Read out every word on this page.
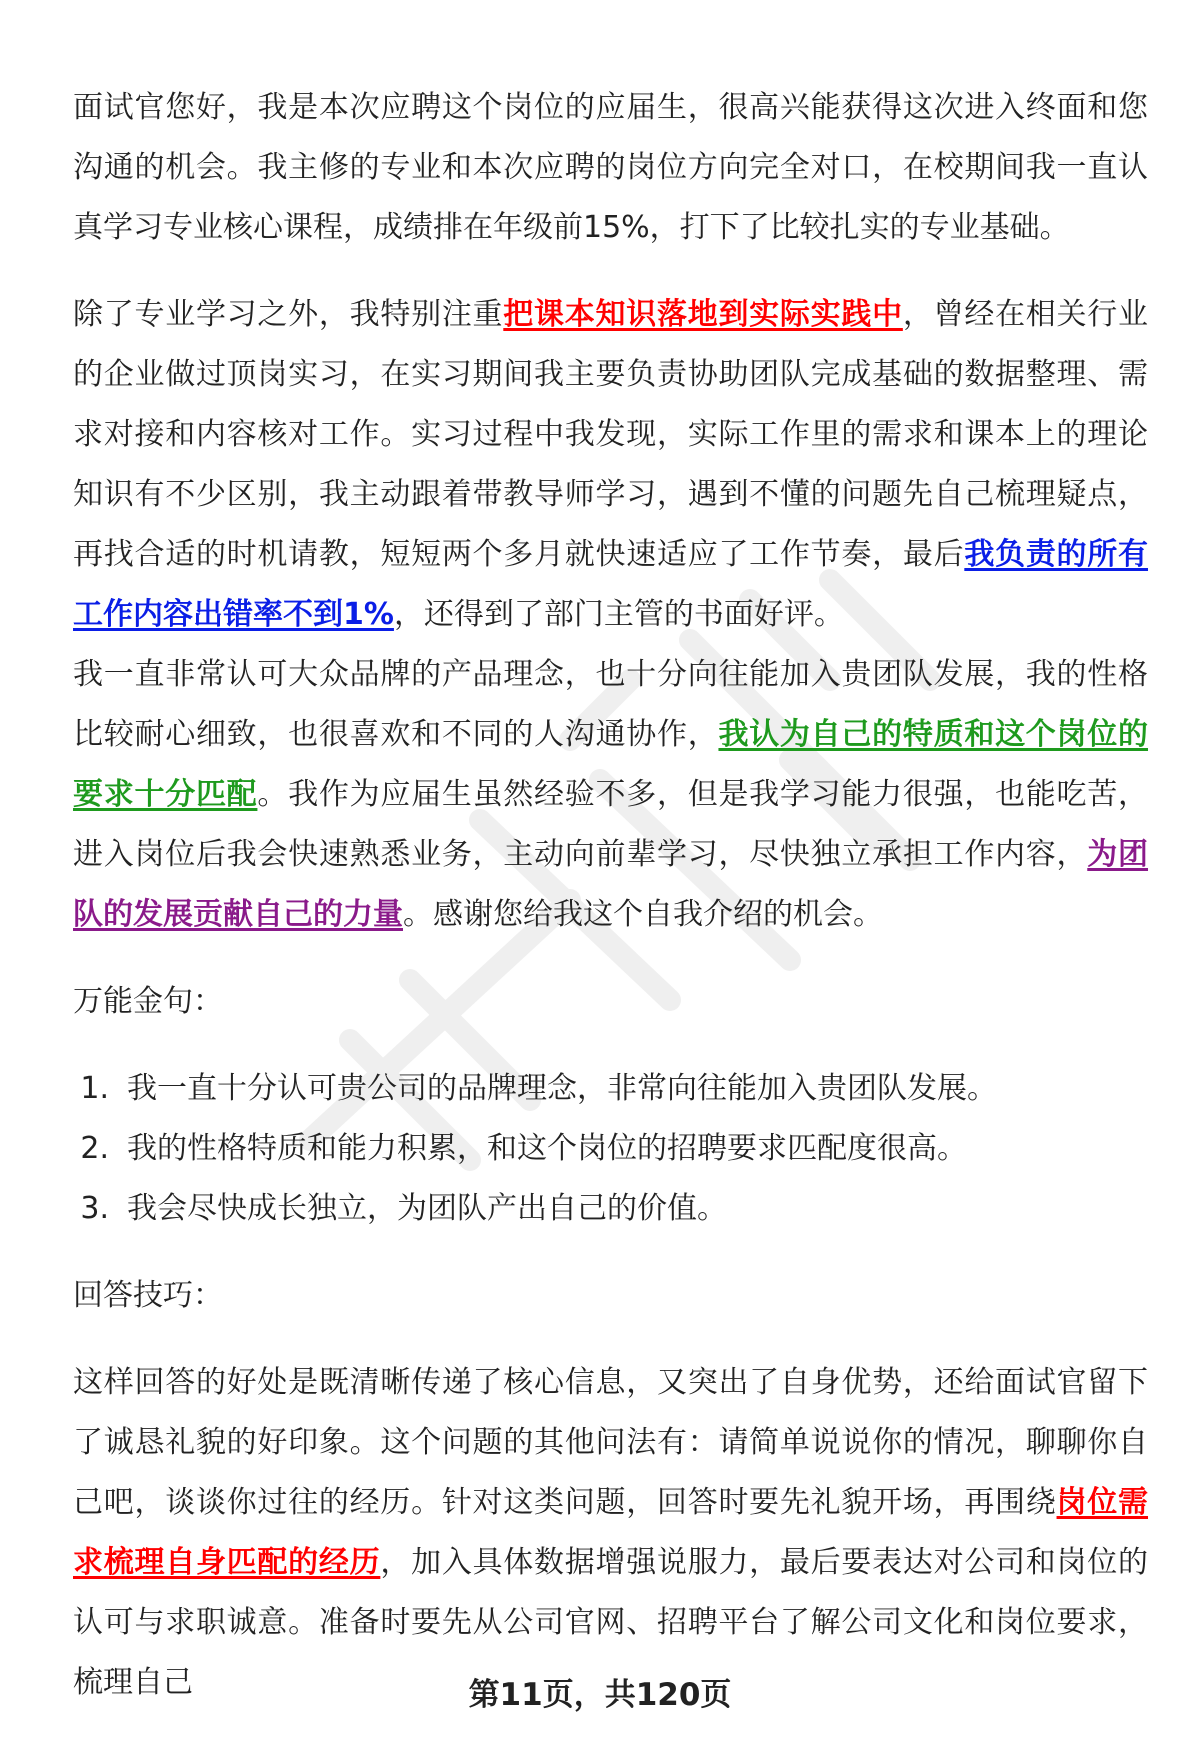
面试官您好，我是本次应聘这个岗位的应届生，很高兴能获得这次进入终面和您沟通的机会。我主修的专业和本次应聘的岗位方向完全对口，在校期间我一直认真学习专业核心课程，成绩排在年级前15%，打下了比较扎实的专业基础。

除了专业学习之外，我特别注重把课本知识落地到实际实践中，曾经在相关行业的企业做过顶岗实习，在实习期间我主要负责协助团队完成基础的数据整理、需求对接和内容核对工作。实习过程中我发现，实际工作里的需求和课本上的理论知识有不少区别，我主动跟着带教导师学习，遇到不懂的问题先自己梳理疑点，再找合适的时机请教，短短两个多月就快速适应了工作节奏，最后我负责的所有工作内容出错率不到1%，还得到了部门主管的书面好评。

我一直非常认可大众品牌的产品理念，也十分向往能加入贵团队发展，我的性格比较耐心细致，也很喜欢和不同的人沟通协作，我认为自己的特质和这个岗位的要求十分匹配。我作为应届生虽然经验不多，但是我学习能力很强，也能吃苦，进入岗位后我会快速熟悉业务，主动向前辈学习，尽快独立承担工作内容，为团队的发展贡献自己的力量。感谢您给我这个自我介绍的机会。

万能金句：

1. 我一直十分认可贵公司的品牌理念，非常向往能加入贵团队发展。
2. 我的性格特质和能力积累，和这个岗位的招聘要求匹配度很高。
3. 我会尽快成长独立，为团队产出自己的价值。

回答技巧：

这样回答的好处是既清晰传递了核心信息，又突出了自身优势，还给面试官留下了诚恳礼貌的好印象。这个问题的其他问法有：请简单说说你的情况，聊聊你自己吧，谈谈你过往的经历。针对这类问题，回答时要先礼貌开场，再围绕岗位需求梳理自身匹配的经历，加入具体数据增强说服力，最后要表达对公司和岗位的认可与求职诚意。准备时要先从公司官网、招聘平台了解公司文化和岗位要求，梳理自己	第11页，共120页
